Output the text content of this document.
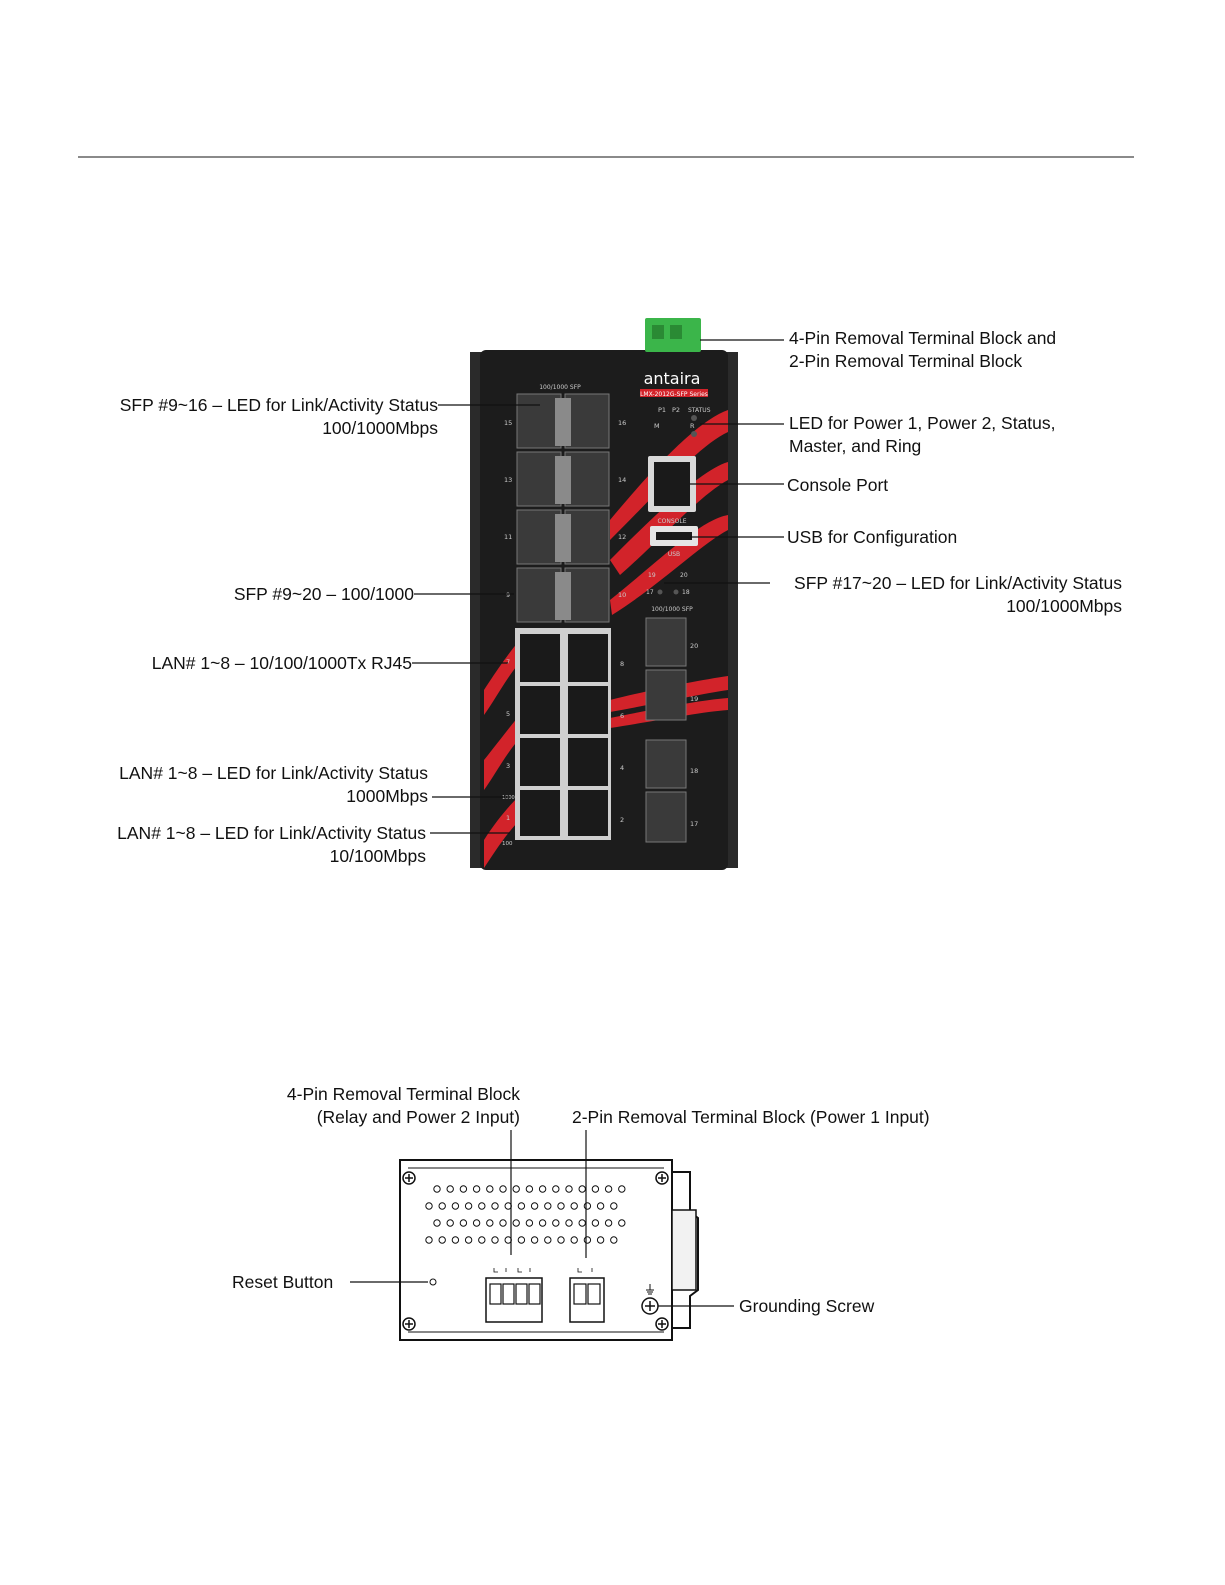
antaira
LMX-2012G-SFP Series
100/1000 SFP
P1 P2 STATUS
M	R
CONSOLE
USB
19	20
17	18
100/1000 SFP
15
13
11
9
16
14
12
10
7
5
3
1
8
6
4
2
1000
100
20
19
18
17
SFP #9~16 – LED for Link/Activity Status
100/1000Mbps
SFP #9~20 – 100/1000
LAN# 1~8 – 10/100/1000Tx RJ45
LAN# 1~8 – LED for Link/Activity Status
1000Mbps
LAN# 1~8 – LED for Link/Activity Status
10/100Mbps
4-Pin Removal Terminal Block and
2-Pin Removal Terminal Block
LED for Power 1, Power 2, Status,
Master, and Ring
Console Port
USB for Configuration
SFP #17~20 – LED for Link/Activity Status
100/1000Mbps
4-Pin Removal Terminal Block
(Relay and Power 2 Input)	2-Pin Removal Terminal Block (Power 1 Input)
Reset Button
Grounding Screw
